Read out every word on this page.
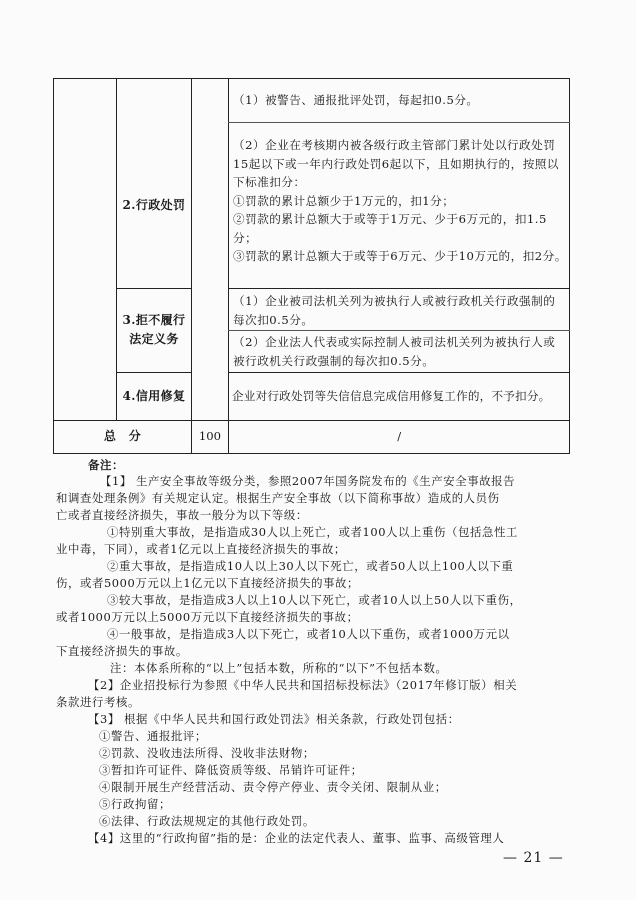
2.行政处罚
（1）被警告、通报批评处罚，每起扣0.5分。
（2）企业在考核期内被各级行政主管部门累计处以行政处罚15起以下或一年内行政处罚6起以下，且如期执行的，按照以下标准扣分：
①罚款的累计总额少于1万元的，扣1分；
②罚款的累计总额大于或等于1万元、少于6万元的，扣1.5分；
③罚款的累计总额大于或等于6万元、少于10万元的，扣2分。
3.拒不履行
法定义务
（1）企业被司法机关列为被执行人或被行政机关行政强制的每次扣0.5分。
（2）企业法人代表或实际控制人被司法机关列为被执行人或被行政机关行政强制的每次扣0.5分。
4.信用修复	企业对行政处罚等失信信息完成信用修复工作的，不予扣分。
总　分	100	/
备注：
【1】 生产安全事故等级分类，参照2007年国务院发布的《生产安全事故报告
和调查处理条例》有关规定认定。根据生产安全事故（以下简称事故）造成的人员伤
亡或者直接经济损失，事故一般分为以下等级：
①特别重大事故，是指造成30人以上死亡，或者100人以上重伤（包括急性工
业中毒，下同），或者1亿元以上直接经济损失的事故；
②重大事故，是指造成10人以上30人以下死亡，或者50人以上100人以下重
伤，或者5000万元以上1亿元以下直接经济损失的事故；
③较大事故，是指造成3人以上10人以下死亡，或者10人以上50人以下重伤，
或者1000万元以上5000万元以下直接经济损失的事故；
④一般事故，是指造成3人以下死亡，或者10人以下重伤，或者1000万元以
下直接经济损失的事故。
注：本体系所称的“以上”包括本数，所称的“以下”不包括本数。
【2】企业招投标行为参照《中华人民共和国招标投标法》（2017年修订版）相关
条款进行考核。
【3】 根据《中华人民共和国行政处罚法》相关条款，行政处罚包括：
①警告、通报批评；
②罚款、没收违法所得、没收非法财物；
③暂扣许可证件、降低资质等级、吊销许可证件；
④限制开展生产经营活动、责令停产停业、责令关闭、限制从业；
⑤行政拘留；
⑥法律、行政法规规定的其他行政处罚。
【4】这里的“行政拘留”指的是：企业的法定代表人、董事、监事、高级管理人
— 21 —
